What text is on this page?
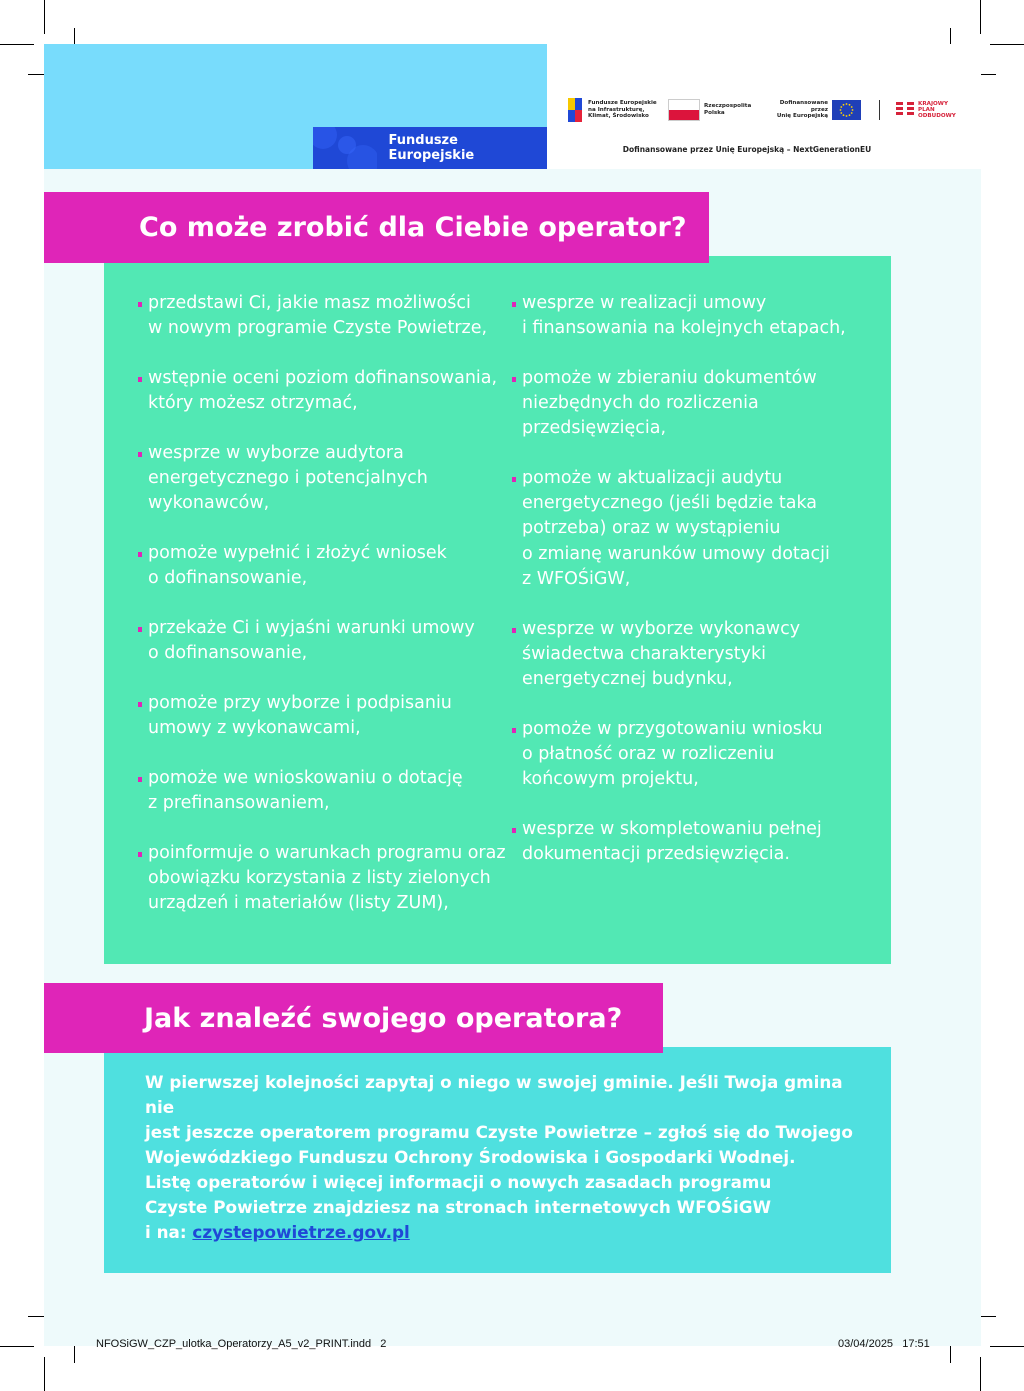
Fundusze Europejskie
Fundusze Europejskie
na Infrastrukturę,
Klimat, Środowisko
Rzeczpospolita
Polska
Dofinansowane przez
Unię Europejską
KRAJOWY
PLAN
ODBUDOWY
Dofinansowane przez Unię Europejską – NextGenerationEU
Co może zrobić dla Ciebie operator?
przedstawi Ci, jakie masz możliwości
w nowym programie Czyste Powietrze,
wstępnie oceni poziom dofinansowania,
który możesz otrzymać,
wesprze w wyborze audytora
energetycznego i potencjalnych
wykonawców,
pomoże wypełnić i złożyć wniosek
o dofinansowanie,
przekaże Ci i wyjaśni warunki umowy
o dofinansowanie,
pomoże przy wyborze i podpisaniu
umowy z wykonawcami,
pomoże we wnioskowaniu o dotację
z prefinansowaniem,
poinformuje o warunkach programu oraz
obowiązku korzystania z listy zielonych
urządzeń i materiałów (listy ZUM),
wesprze w realizacji umowy
i finansowania na kolejnych etapach,
pomoże w zbieraniu dokumentów
niezbędnych do rozliczenia
przedsięwzięcia,
pomoże w aktualizacji audytu
energetycznego (jeśli będzie taka
potrzeba) oraz w wystąpieniu
o zmianę warunków umowy dotacji
z WFOŚiGW,
wesprze w wyborze wykonawcy
świadectwa charakterystyki
energetycznej budynku,
pomoże w przygotowaniu wniosku
o płatność oraz w rozliczeniu
końcowym projektu,
wesprze w skompletowaniu pełnej
dokumentacji przedsięwzięcia.
Jak znaleźć swojego operatora?
W pierwszej kolejności zapytaj o niego w swojej gminie. Jeśli Twoja gmina nie
jest jeszcze operatorem programu Czyste Powietrze – zgłoś się do Twojego
Wojewódzkiego Funduszu Ochrony Środowiska i Gospodarki Wodnej.
Listę operatorów i więcej informacji o nowych zasadach programu
Czyste Powietrze znajdziesz na stronach internetowych WFOŚiGW
i na: czystepowietrze.gov.pl
NFOSiGW_CZP_ulotka_Operatorzy_A5_v2_PRINT.indd   2	03/04/2025   17:51
